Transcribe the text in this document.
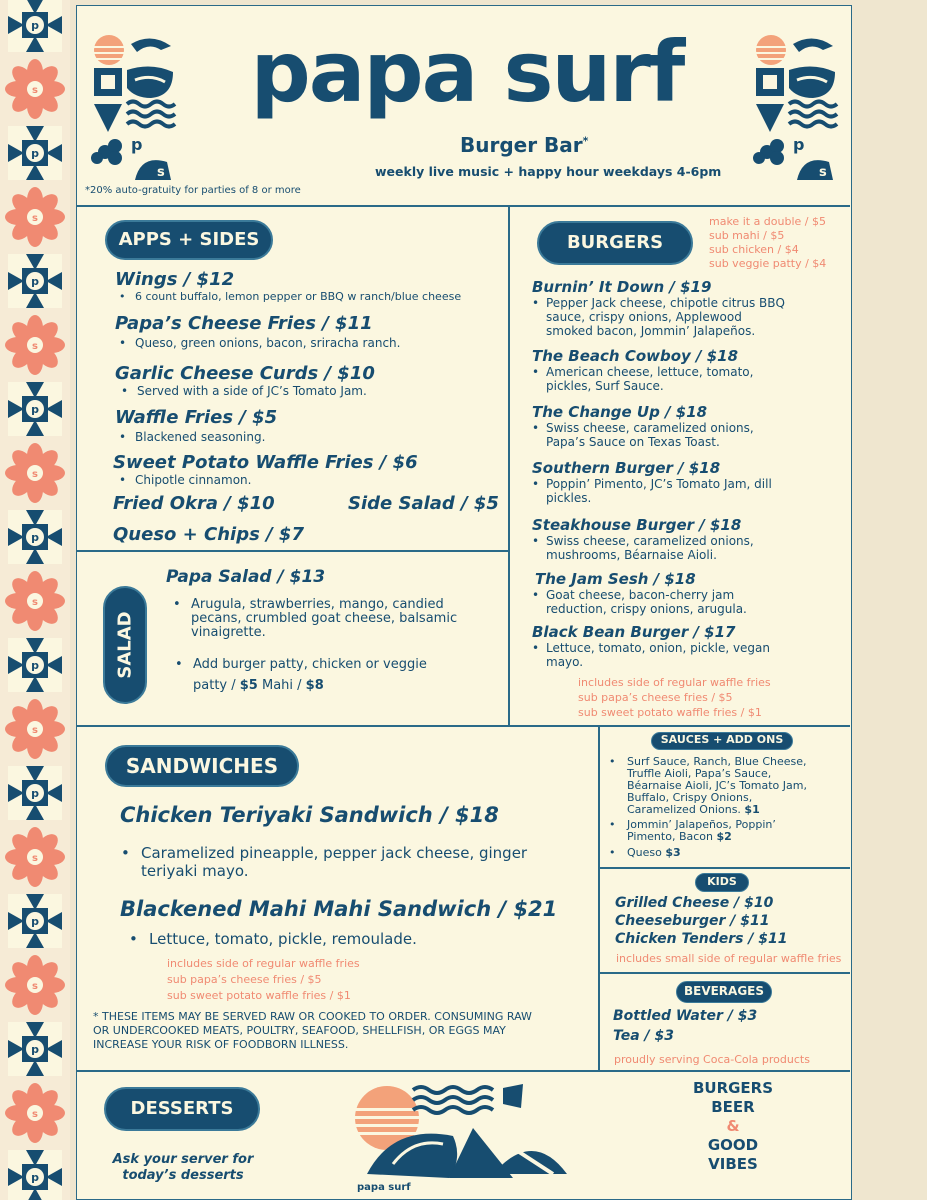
p
s
p
s
p
s
p
s
p
s
p
s
p
s
p
s
p
s
p
p
s
p
s
papa surf
Burger Bar*
weekly live music + happy hour weekdays 4-6pm
*20% auto-gratuity for parties of 8 or more
APPS + SIDES
Wings / $12
• 6 count buffalo, lemon pepper or BBQ w ranch/blue cheese
Papa’s Cheese Fries / $11
• Queso, green onions, bacon, sriracha ranch.
Garlic Cheese Curds / $10
• Served with a side of JC’s Tomato Jam.
Waffle Fries / $5
• Blackened seasoning.
Sweet Potato Waffle Fries / $6
• Chipotle cinnamon.
Fried Okra / $10	Side Salad / $5
Queso + Chips / $7
SALAD
Papa Salad / $13
• Arugula, strawberries, mango, candied pecans, crumbled goat cheese, balsamic vinaigrette.
• Add burger patty, chicken or veggie
patty / $5 Mahi / $8
BURGERS
make it a double / $5
sub mahi / $5
sub chicken / $4
sub veggie patty / $4
Burnin’ It Down / $19
• Pepper Jack cheese, chipotle citrus BBQ
sauce, crispy onions, Applewood
smoked bacon, Jommin’ Jalapeños.
The Beach Cowboy / $18
• American cheese, lettuce, tomato,
pickles, Surf Sauce.
The Change Up / $18
• Swiss cheese, caramelized onions,
Papa’s Sauce on Texas Toast.
Southern Burger / $18
• Poppin’ Pimento, JC’s Tomato Jam, dill
pickles.
Steakhouse Burger / $18
• Swiss cheese, caramelized onions,
mushrooms, Béarnaise Aioli.
The Jam Sesh / $18
• Goat cheese, bacon-cherry jam
reduction, crispy onions, arugula.
Black Bean Burger / $17
• Lettuce, tomato, onion, pickle, vegan
mayo.
includes side of regular waffle fries
sub papa’s cheese fries / $5
sub sweet potato waffle fries / $1
SANDWICHES
Chicken Teriyaki Sandwich / $18
• Caramelized pineapple, pepper jack cheese, ginger
teriyaki mayo.
Blackened Mahi Mahi Sandwich / $21
• Lettuce, tomato, pickle, remoulade.
includes side of regular waffle fries
sub papa’s cheese fries / $5
sub sweet potato waffle fries / $1
* THESE ITEMS MAY BE SERVED RAW OR COOKED TO ORDER. CONSUMING RAW
OR UNDERCOOKED MEATS, POULTRY, SEAFOOD, SHELLFISH, OR EGGS MAY
INCREASE YOUR RISK OF FOODBORN ILLNESS.
SAUCES + ADD ONS
• Surf Sauce, Ranch, Blue Cheese,
Truffle Aioli, Papa’s Sauce,
Béarnaise Aioli, JC’s Tomato Jam,
Buffalo, Crispy Onions,
Caramelized Onions. $1
• Jommin’ Jalapeños, Poppin’
Pimento, Bacon $2
• Queso $3
KIDS
Grilled Cheese / $10
Cheeseburger / $11
Chicken Tenders / $11
includes small side of regular waffle fries
BEVERAGES
Bottled Water / $3
Tea / $3
proudly serving Coca-Cola products
DESSERTS
Ask your server for
today’s desserts
papa surf
BURGERS
BEER
&
GOOD
VIBES
